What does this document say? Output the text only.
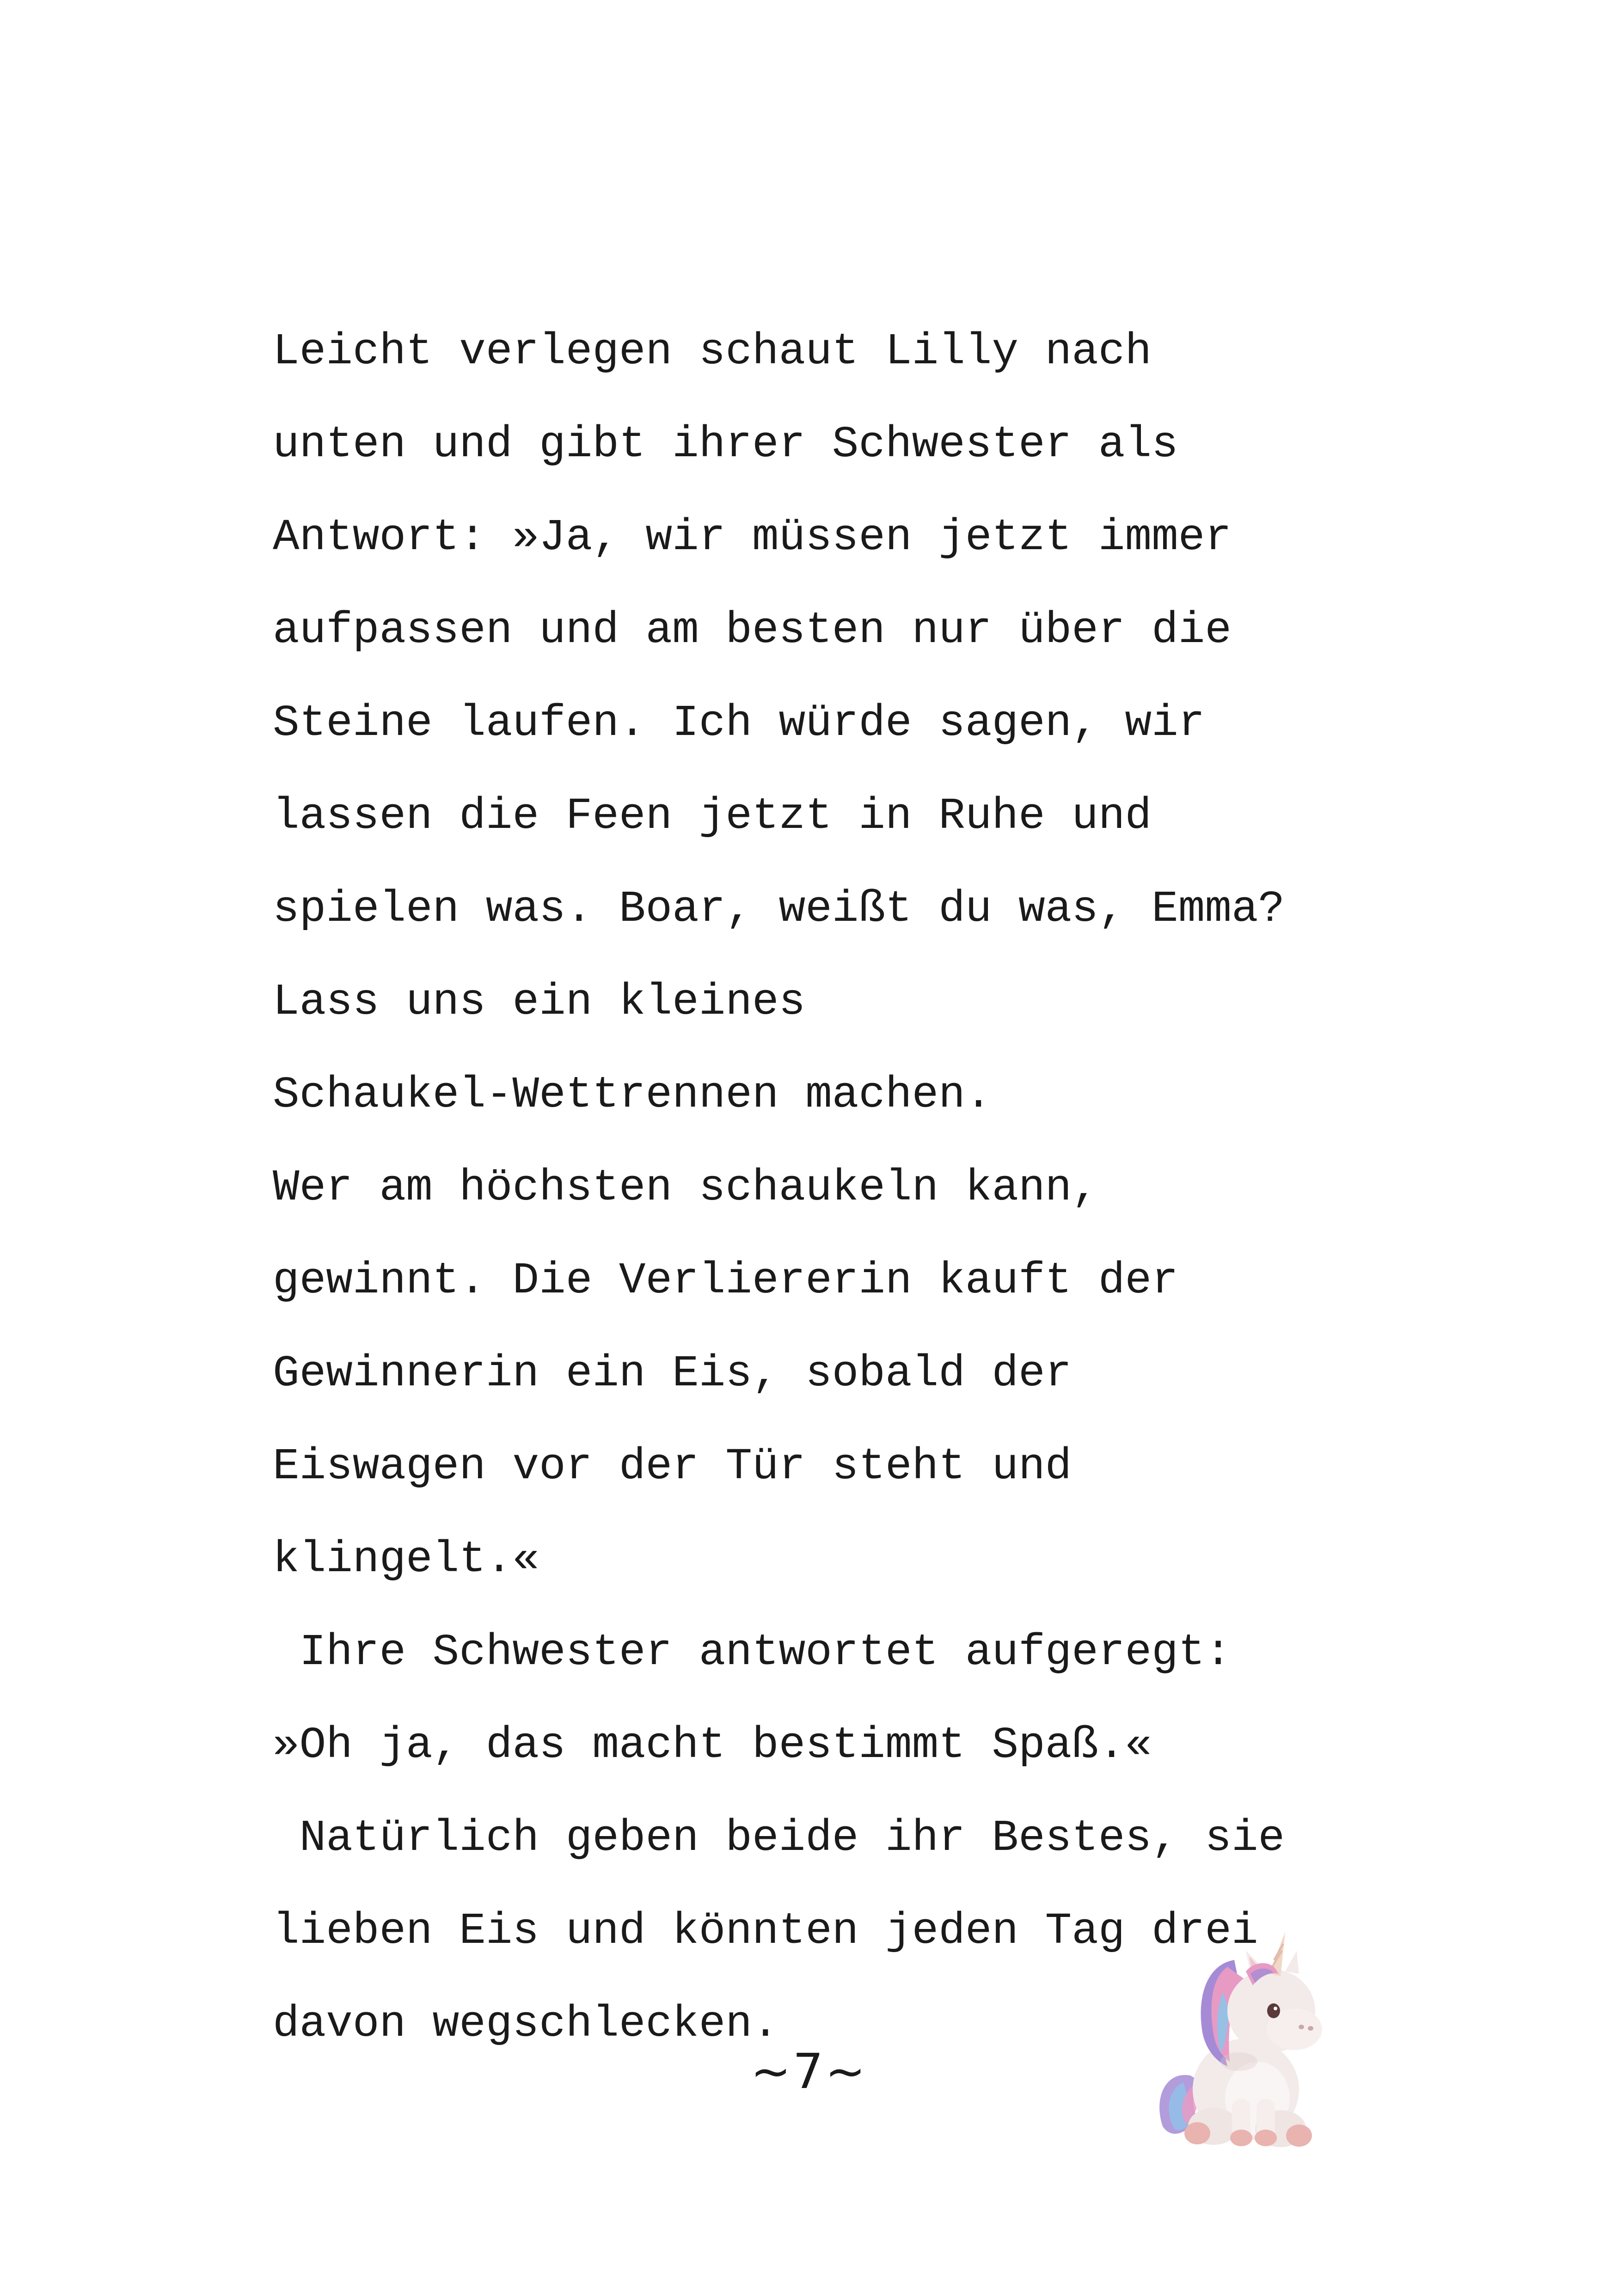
Leicht verlegen schaut Lilly nach
unten und gibt ihrer Schwester als
Antwort: »Ja, wir müssen jetzt immer
aufpassen und am besten nur über die
Steine laufen. Ich würde sagen, wir
lassen die Feen jetzt in Ruhe und
spielen was. Boar, weißt du was, Emma?
Lass uns ein kleines
Schaukel-Wettrennen machen.
Wer am höchsten schaukeln kann,
gewinnt. Die Verliererin kauft der
Gewinnerin ein Eis, sobald der
Eiswagen vor der Tür steht und
klingelt.«
Ihre Schwester antwortet aufgeregt:
»Oh ja, das macht bestimmt Spaß.«
Natürlich geben beide ihr Bestes, sie
lieben Eis und könnten jeden Tag drei
davon wegschlecken.
~7~
